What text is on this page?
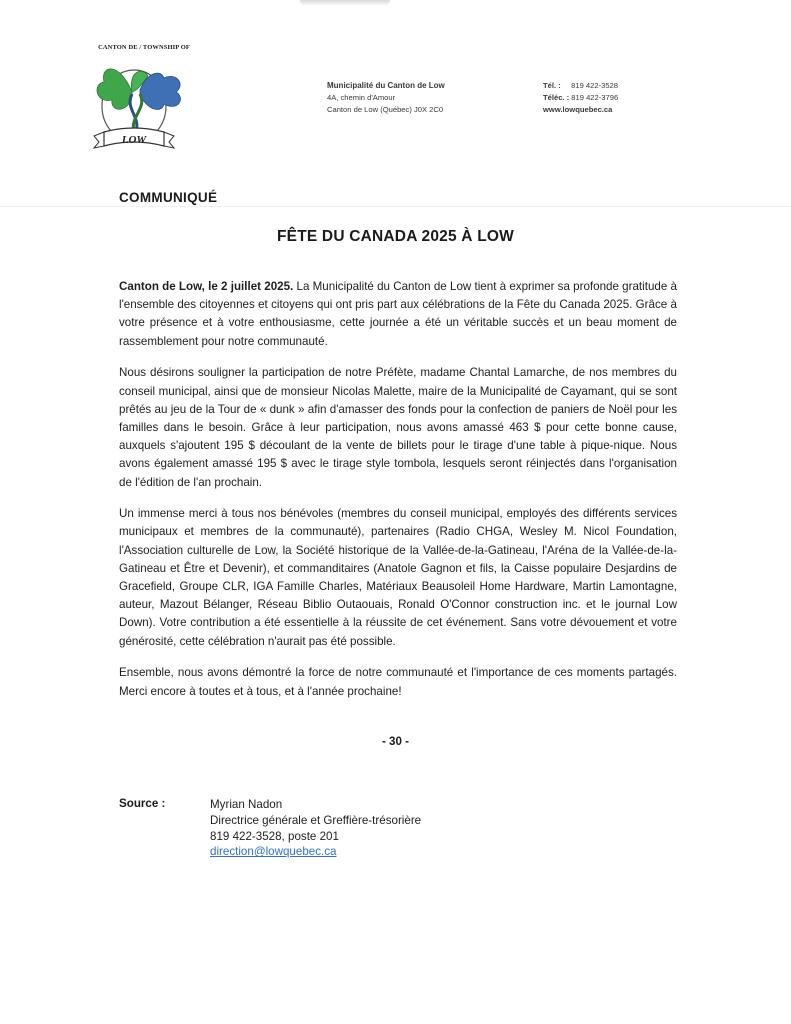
CANTON DE / TOWNSHIP OF
LOW
Municipalité du Canton de Low
4A, chemin d'Amour
Canton de Low (Québec) J0X 2C0
Tél. : 819 422-3528
Téléc. : 819 422-3796
www.lowquebec.ca
COMMUNIQUÉ
FÊTE DU CANADA 2025 À LOW

Canton de Low, le 2 juillet 2025. La Municipalité du Canton de Low tient à exprimer sa profonde gratitude à l'ensemble des citoyennes et citoyens qui ont pris part aux célébrations de la Fête du Canada 2025. Grâce à votre présence et à votre enthousiasme, cette journée a été un véritable succès et un beau moment de rassemblement pour notre communauté.

Nous désirons souligner la participation de notre Préfète, madame Chantal Lamarche, de nos membres du conseil municipal, ainsi que de monsieur Nicolas Malette, maire de la Municipalité de Cayamant, qui se sont prêtés au jeu de la Tour de « dunk » afin d'amasser des fonds pour la confection de paniers de Noël pour les familles dans le besoin. Grâce à leur participation, nous avons amassé 463 $ pour cette bonne cause, auxquels s'ajoutent 195 $ découlant de la vente de billets pour le tirage d'une table à pique-nique. Nous avons également amassé 195 $ avec le tirage style tombola, lesquels seront réinjectés dans l'organisation de l'édition de l'an prochain.

Un immense merci à tous nos bénévoles (membres du conseil municipal, employés des différents services municipaux et membres de la communauté), partenaires (Radio CHGA, Wesley M. Nicol Foundation, l'Association culturelle de Low, la Société historique de la Vallée-de-la-Gatineau, l'Aréna de la Vallée-de-la-Gatineau et Être et Devenir), et commanditaires (Anatole Gagnon et fils, la Caisse populaire Desjardins de Gracefield, Groupe CLR, IGA Famille Charles, Matériaux Beausoleil Home Hardware, Martin Lamontagne, auteur, Mazout Bélanger, Réseau Biblio Outaouais, Ronald O'Connor construction inc. et le journal Low Down). Votre contribution a été essentielle à la réussite de cet événement. Sans votre dévouement et votre générosité, cette célébration n'aurait pas été possible.

Ensemble, nous avons démontré la force de notre communauté et l'importance de ces moments partagés. Merci encore à toutes et à tous, et à l'année prochaine!

- 30 -
Source :	Myrian Nadon
Directrice générale et Greffière-trésorière
819 422-3528, poste 201
direction@lowquebec.ca
